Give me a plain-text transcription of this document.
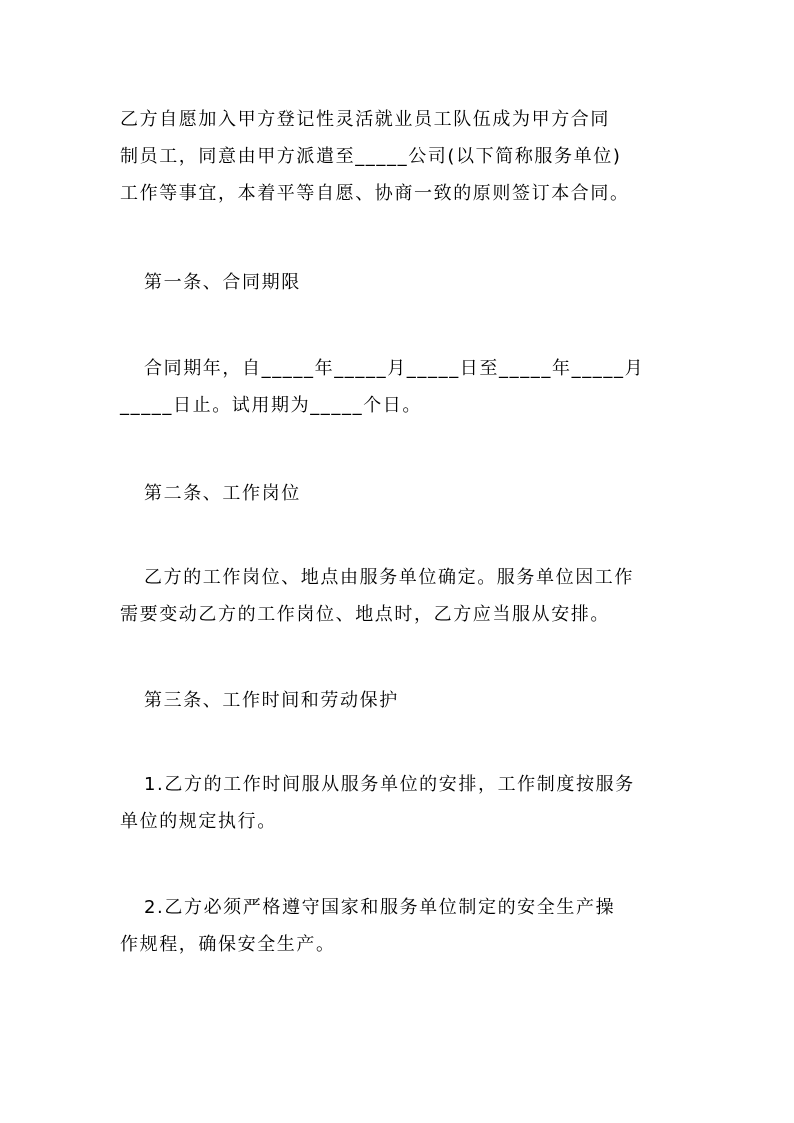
乙方自愿加入甲方登记性灵活就业员工队伍成为甲方合同
制员工，同意由甲方派遣至_____公司(以下简称服务单位)
工作等事宜，本着平等自愿、协商一致的原则签订本合同。
第一条、合同期限
合同期年，自_____年_____月_____日至_____年_____月
_____日止。试用期为_____个日。
第二条、工作岗位
乙方的工作岗位、地点由服务单位确定。服务单位因工作
需要变动乙方的工作岗位、地点时，乙方应当服从安排。
第三条、工作时间和劳动保护
1.乙方的工作时间服从服务单位的安排，工作制度按服务
单位的规定执行。
2.乙方必须严格遵守国家和服务单位制定的安全生产操
作规程，确保安全生产。
